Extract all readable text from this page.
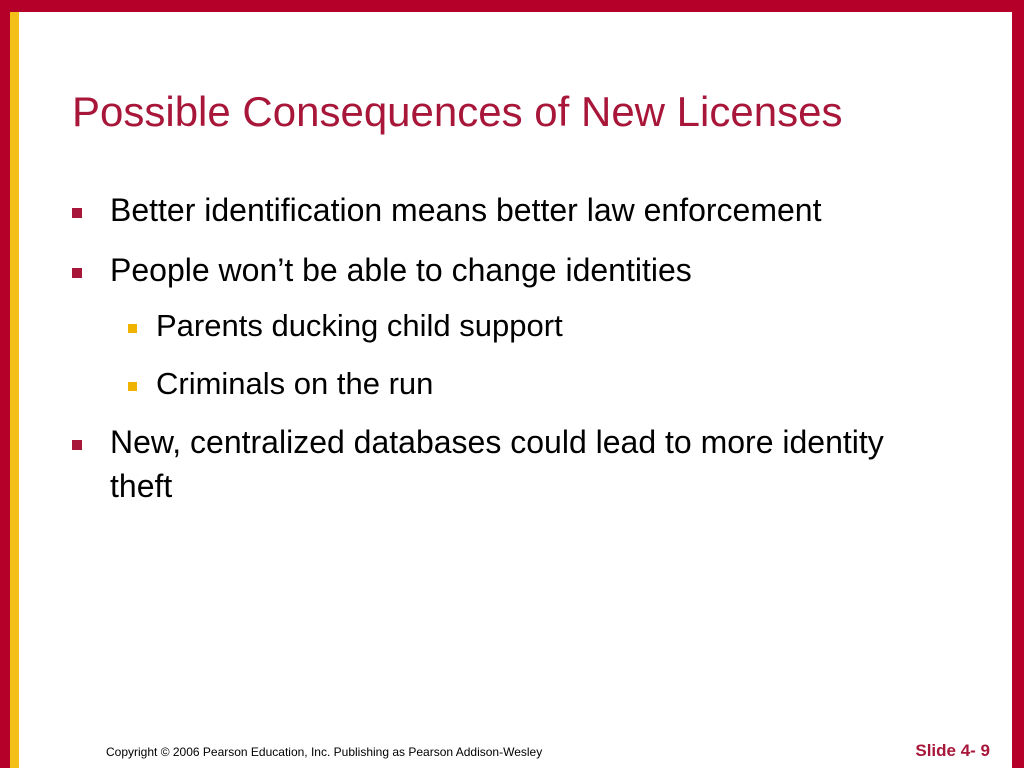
Possible Consequences of New Licenses

Better identification means better law enforcement

People won’t be able to change identities

Parents ducking child support

Criminals on the run

New, centralized databases could lead to more identity theft

Copyright © 2006 Pearson Education, Inc. Publishing as Pearson Addison-Wesley	Slide 4- 9
